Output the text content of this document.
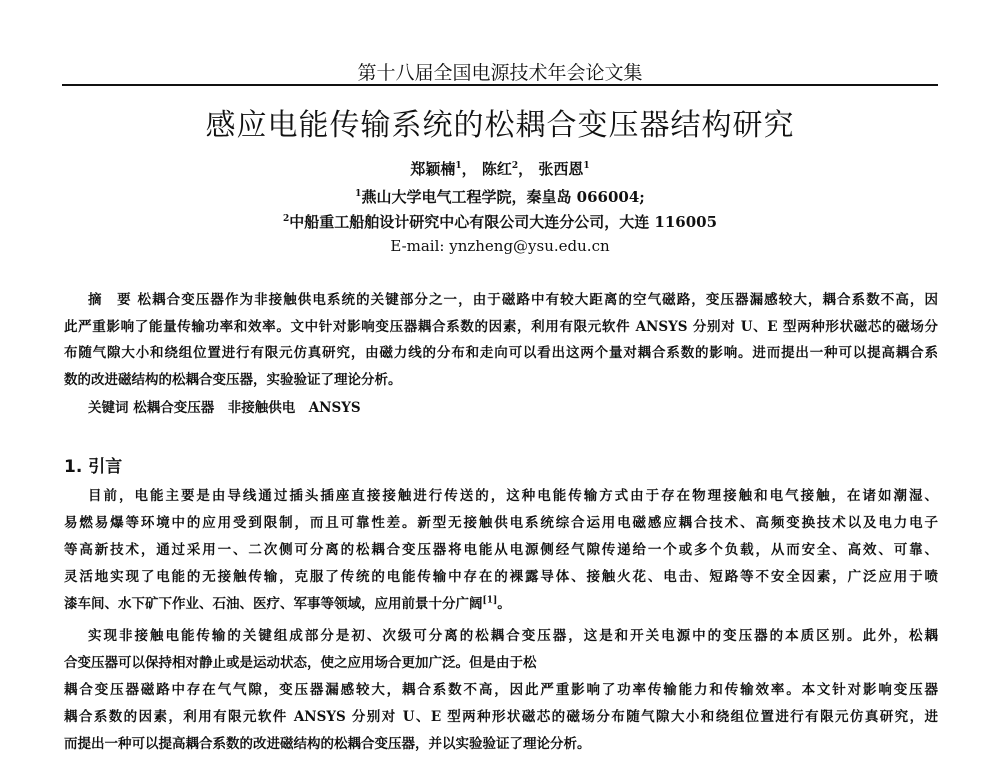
第十八届全国电源技术年会论文集
感应电能传输系统的松耦合变压器结构研究
郑颖楠$^1$， 陈红$^2$， 张西恩$^1$
$^1$燕山大学电气工程学院，秦皇岛 066004;
$^2$中船重工船舶设计研究中心有限公司大连分公司，大连 116005
E-mail: ynzheng@ysu.edu.cn
摘　要 松耦合变压器作为非接触供电系统的关键部分之一，由于磁路中有较大距离的空气磁路，变压器漏感较大，耦合系数不高，因
此严重影响了能量传输功率和效率。文中针对影响变压器耦合系数的因素，利用有限元软件 ANSYS 分别对 U、E 型两种形状磁芯的磁场分
布随气隙大小和绕组位置进行有限元仿真研究，由磁力线的分布和走向可以看出这两个量对耦合系数的影响。进而提出一种可以提高耦合系
数的改进磁结构的松耦合变压器，实验验证了理论分析。
关键词 松耦合变压器　非接触供电　ANSYS
1. 引言
目前，电能主要是由导线通过插头插座直接接触进行传送的，这种电能传输方式由于存在物理接触和电气接触，在诸如潮湿、
易燃易爆等环境中的应用受到限制，而且可靠性差。新型无接触供电系统综合运用电磁感应耦合技术、高频变换技术以及电力电子
等高新技术，通过采用一、二次侧可分离的松耦合变压器将电能从电源侧经气隙传递给一个或多个负载，从而安全、高效、可靠、
灵活地实现了电能的无接触传输，克服了传统的电能传输中存在的裸露导体、接触火花、电击、短路等不安全因素，广泛应用于喷
漆车间、水下矿下作业、石油、医疗、军事等领域，应用前景十分广阔[1]。
实现非接触电能传输的关键组成部分是初、次级可分离的松耦合变压器，这是和开关电源中的变压器的本质区别。此外，松耦
合变压器可以保持相对静止或是运动状态，使之应用场合更加广泛。但是由于松
耦合变压器磁路中存在气气隙，变压器漏感较大，耦合系数不高，因此严重影响了功率传输能力和传输效率。本文针对影响变压器
耦合系数的因素，利用有限元软件 ANSYS 分别对 U、E 型两种形状磁芯的磁场分布随气隙大小和绕组位置进行有限元仿真研究，进
而提出一种可以提高耦合系数的改进磁结构的松耦合变压器，并以实验验证了理论分析。
